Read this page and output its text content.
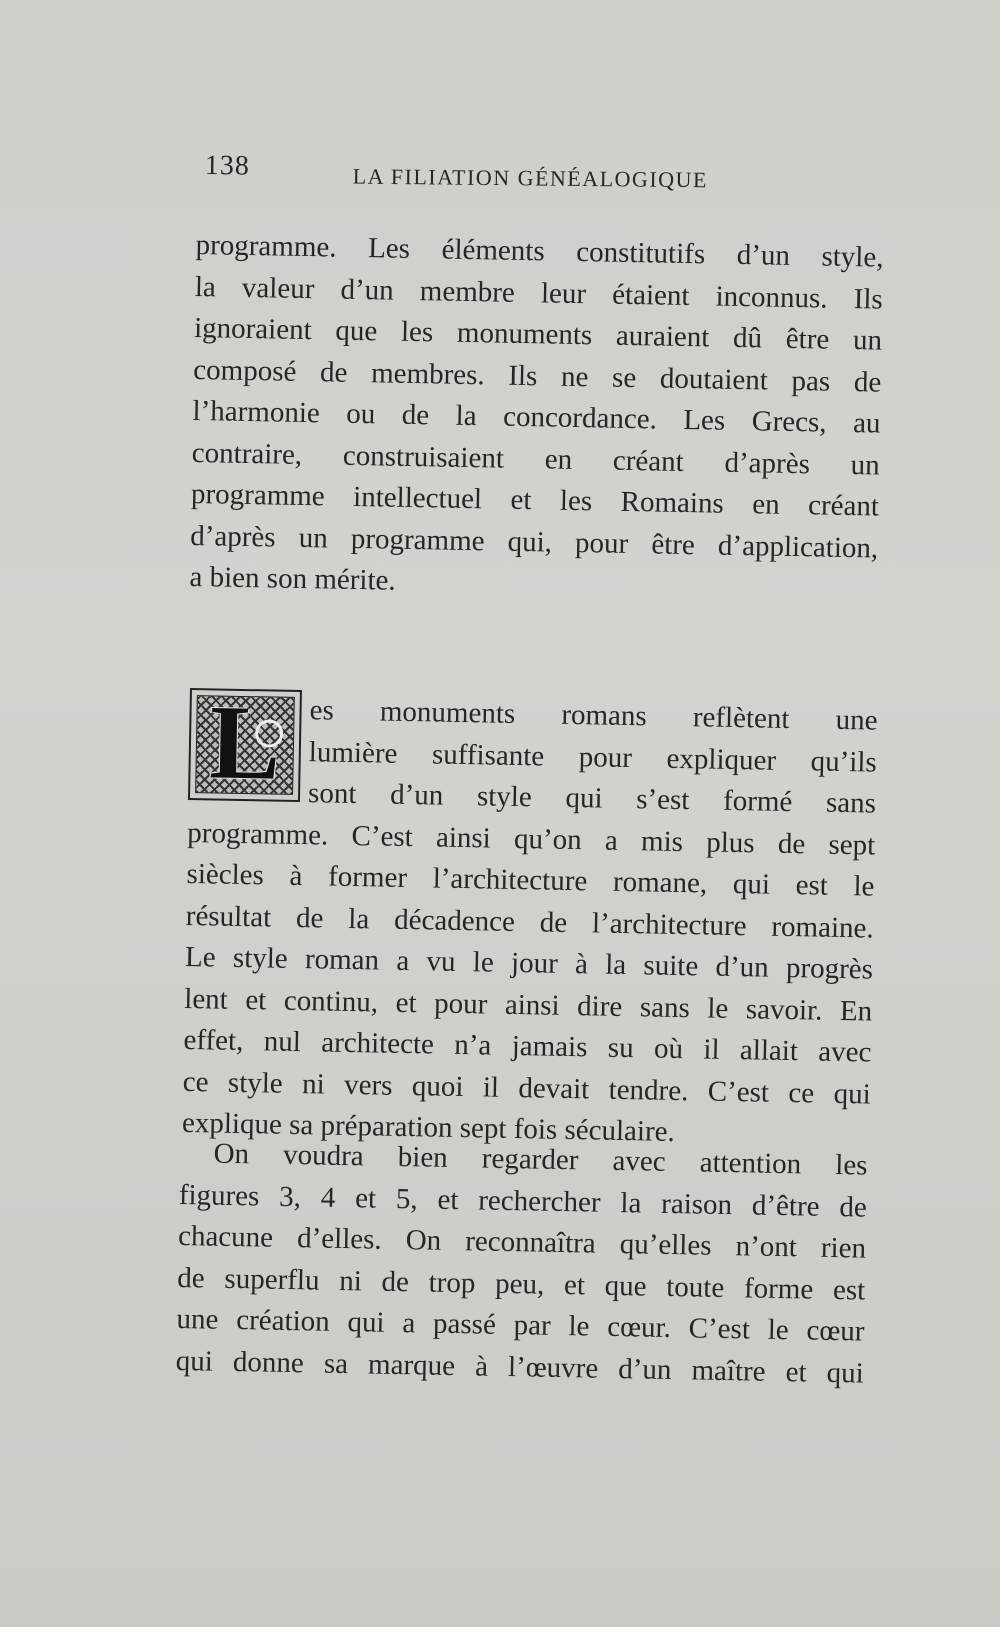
138	LA FILIATION GÉNÉALOGIQUE
programme. Les éléments constitutifs d’un style,
la valeur d’un membre leur étaient inconnus. Ils
ignoraient que les monuments auraient dû être un
composé de membres. Ils ne se doutaient pas de
l’harmonie ou de la concordance. Les Grecs, au
contraire, construisaient en créant d’après un
programme intellectuel et les Romains en créant
d’après un programme qui, pour être d’application,
a bien son mérite.
L es monuments romans reflètent une
lumière suffisante pour expliquer qu’ils
sont d’un style qui s’est formé sans
programme. C’est ainsi qu’on a mis plus de sept
siècles à former l’architecture romane, qui est le
résultat de la décadence de l’architecture romaine.
Le style roman a vu le jour à la suite d’un progrès
lent et continu, et pour ainsi dire sans le savoir. En
effet, nul architecte n’a jamais su où il allait avec
ce style ni vers quoi il devait tendre. C’est ce qui
explique sa préparation sept fois séculaire.
On voudra bien regarder avec attention les
figures 3, 4 et 5, et rechercher la raison d’être de
chacune d’elles. On reconnaîtra qu’elles n’ont rien
de superflu ni de trop peu, et que toute forme est
une création qui a passé par le cœur. C’est le cœur
qui donne sa marque à l’œuvre d’un maître et qui
